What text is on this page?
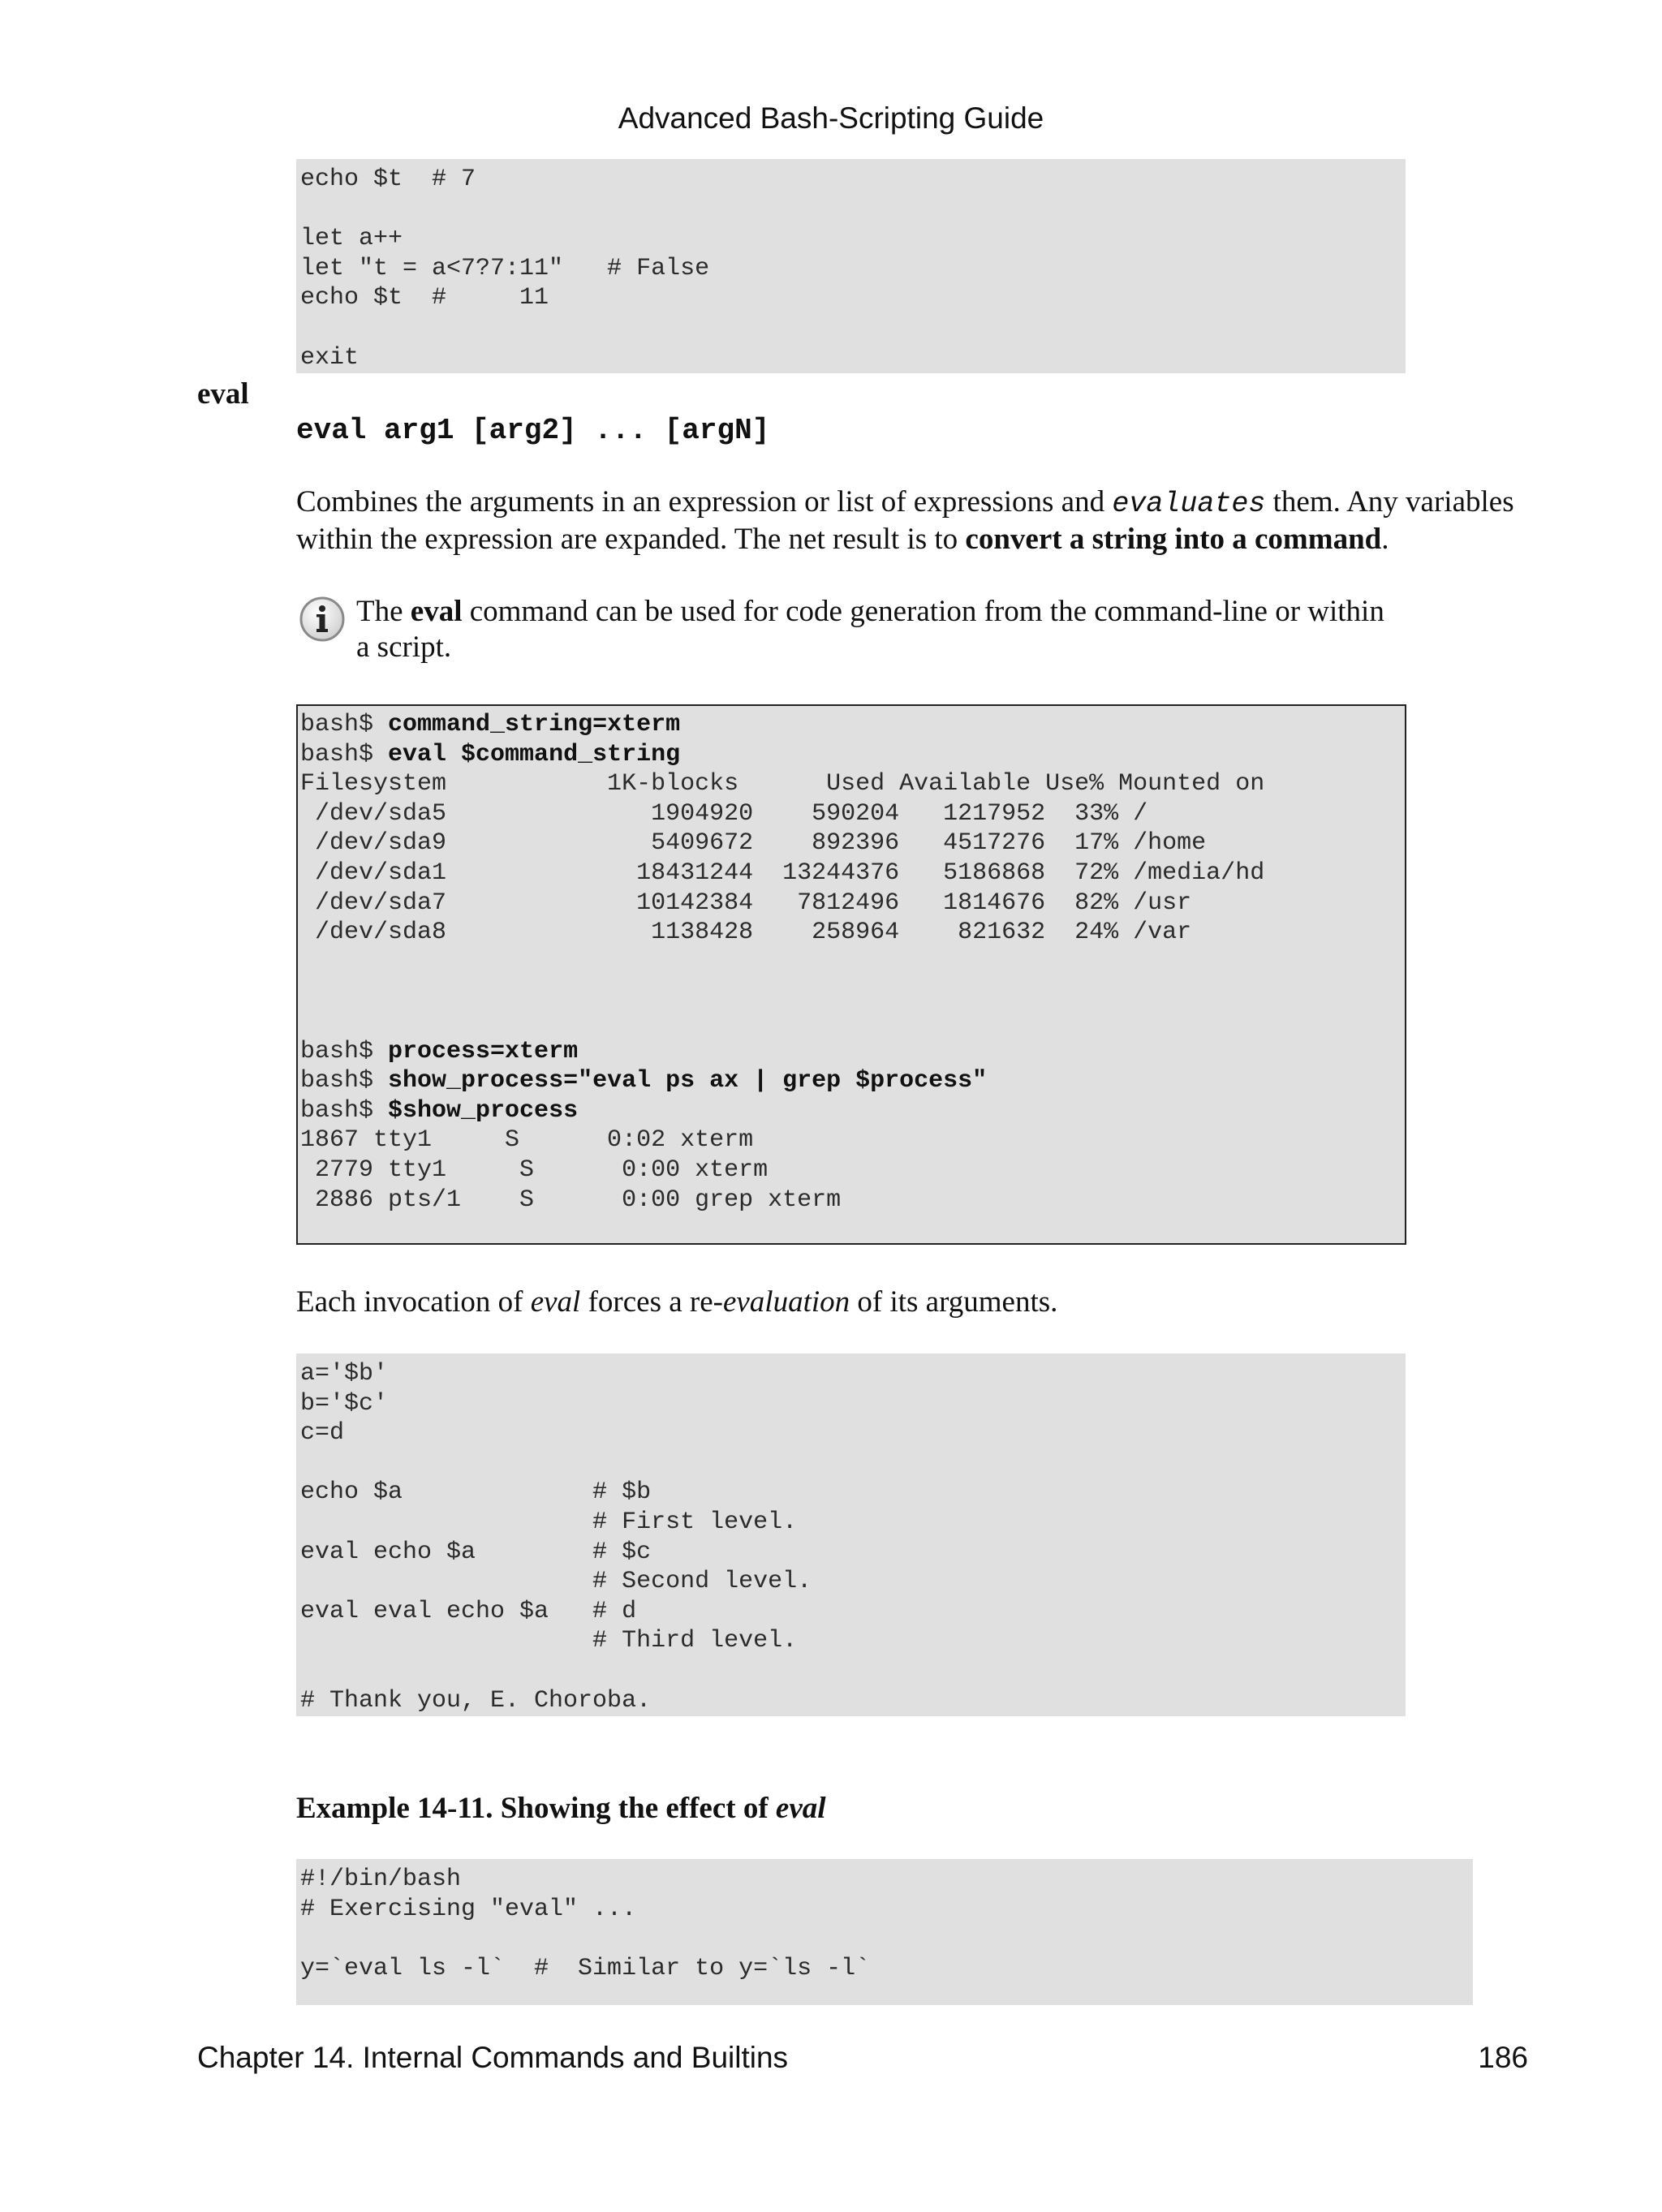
Advanced Bash-Scripting Guide
echo $t  # 7

let a++
let "t = a<7?7:11"   # False
echo $t  #     11

exit
eval
eval arg1 [arg2] ... [argN]

Combines the arguments in an expression or list of expressions and evaluates them. Any variables
within the expression are expanded. The net result is to convert a string into a command.

The eval command can be used for code generation from the command-line or within
a script.

bash$ command_string=xterm
bash$ eval $command_string
Filesystem           1K-blocks      Used Available Use% Mounted on
/dev/sda5              1904920    590204   1217952  33% /
/dev/sda9              5409672    892396   4517276  17% /home
/dev/sda1             18431244  13244376   5186868  72% /media/hd
/dev/sda7             10142384   7812496   1814676  82% /usr
/dev/sda8              1138428    258964    821632  24% /var

bash$ process=xterm
bash$ show_process="eval ps ax | grep $process"
bash$ $show_process
1867 tty1     S      0:02 xterm
2779 tty1     S      0:00 xterm
2886 pts/1    S      0:00 grep xterm

Each invocation of eval forces a re-evaluation of its arguments.

a='$b'
b='$c'
c=d

echo $a             # $b
# First level.
eval echo $a        # $c
# Second level.
eval eval echo $a   # d
# Third level.

# Thank you, E. Choroba.
Example 14-11. Showing the effect of eval
#!/bin/bash
# Exercising "eval" ...

y=`eval ls -l`  #  Similar to y=`ls -l`
Chapter 14. Internal Commands and Builtins	186
